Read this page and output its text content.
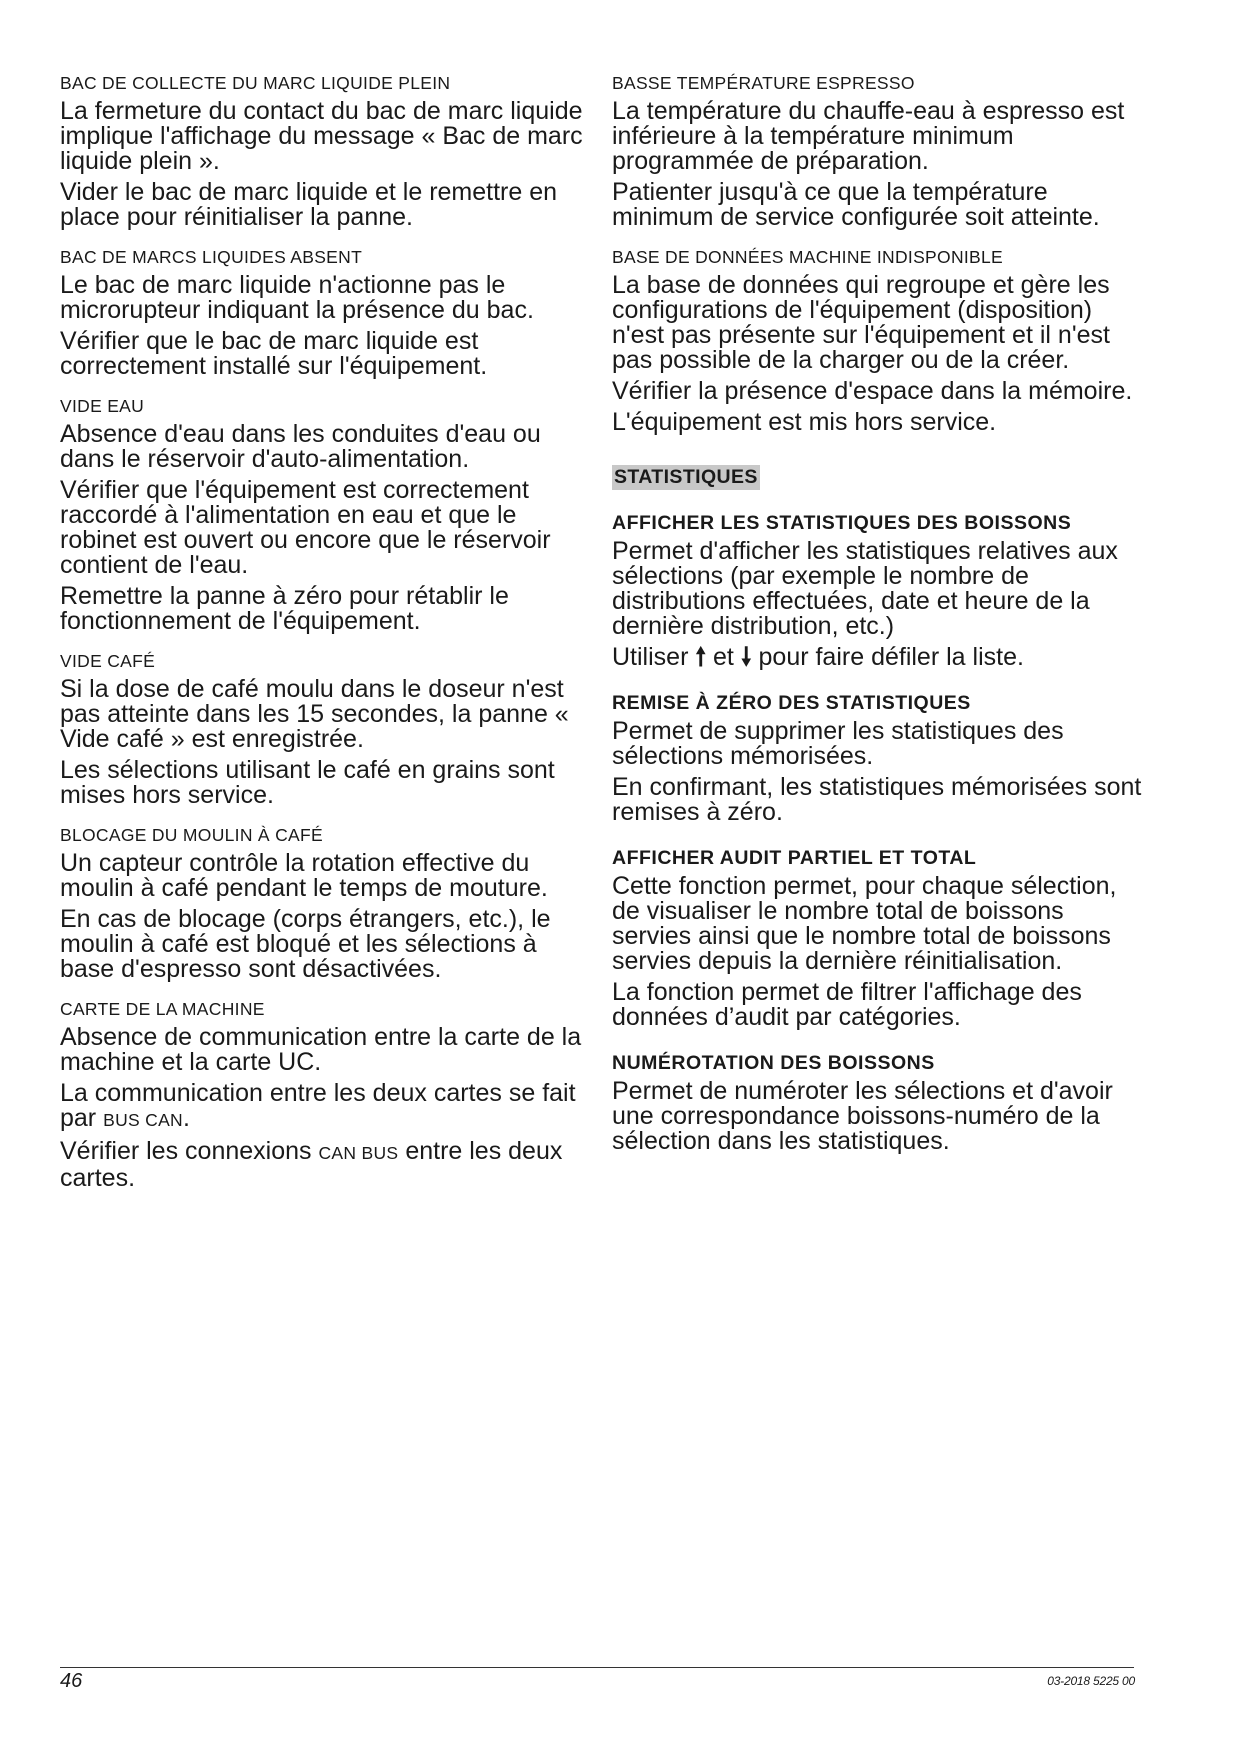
BAC DE COLLECTE DU MARC LIQUIDE PLEIN

La fermeture du contact du bac de marc liquide implique l'affichage du message « Bac de marc liquide plein ».

Vider le bac de marc liquide et le remettre en place pour réinitialiser la panne.

BAC DE MARCS LIQUIDES ABSENT

Le bac de marc liquide n'actionne pas le microrupteur indiquant la présence du bac.

Vérifier que le bac de marc liquide est correctement installé sur l'équipement.

VIDE EAU

Absence d'eau dans les conduites d'eau ou dans le réservoir d'auto-alimentation.

Vérifier que l'équipement est correctement raccordé à l'alimentation en eau et que le robinet est ouvert ou encore que le réservoir contient de l'eau.

Remettre la panne à zéro pour rétablir le fonctionnement de l'équipement.

VIDE CAFÉ

Si la dose de café moulu dans le doseur n'est pas atteinte dans les 15 secondes, la panne « Vide café » est enregistrée.

Les sélections utilisant le café en grains sont mises hors service.

BLOCAGE DU MOULIN À CAFÉ

Un capteur contrôle la rotation effective du moulin à café pendant le temps de mouture.

En cas de blocage (corps étrangers, etc.), le moulin à café est bloqué et les sélections à base d'espresso sont désactivées.

CARTE DE LA MACHINE

Absence de communication entre la carte de la machine et la carte UC.

La communication entre les deux cartes se fait par BUS CAN.

Vérifier les connexions CAN BUS entre les deux cartes.

BASSE TEMPÉRATURE ESPRESSO

La température du chauffe-eau à espresso est inférieure à la température minimum programmée de préparation.

Patienter jusqu'à ce que la température minimum de service configurée soit atteinte.

BASE DE DONNÉES MACHINE INDISPONIBLE

La base de données qui regroupe et gère les configurations de l'équipement (disposition) n'est pas présente sur l'équipement et il n'est pas possible de la charger ou de la créer.

Vérifier la présence d'espace dans la mémoire.

L'équipement est mis hors service.

STATISTIQUES
AFFICHER LES STATISTIQUES DES BOISSONS

Permet d'afficher les statistiques relatives aux sélections (par exemple le nombre de distributions effectuées, date et heure de la dernière distribution, etc.)

Utiliser 🠕 et 🠗 pour faire défiler la liste.

REMISE À ZÉRO DES STATISTIQUES

Permet de supprimer les statistiques des sélections mémorisées.

En confirmant, les statistiques mémorisées sont remises à zéro.

AFFICHER AUDIT PARTIEL ET TOTAL

Cette fonction permet, pour chaque sélection, de visualiser le nombre total de boissons servies ainsi que le nombre total de boissons servies depuis la dernière réinitialisation.

La fonction permet de filtrer l'affichage des données d’audit par catégories.

NUMÉROTATION DES BOISSONS

Permet de numéroter les sélections et d'avoir une correspondance boissons-numéro de la sélection dans les statistiques.

46	03-2018 5225 00
